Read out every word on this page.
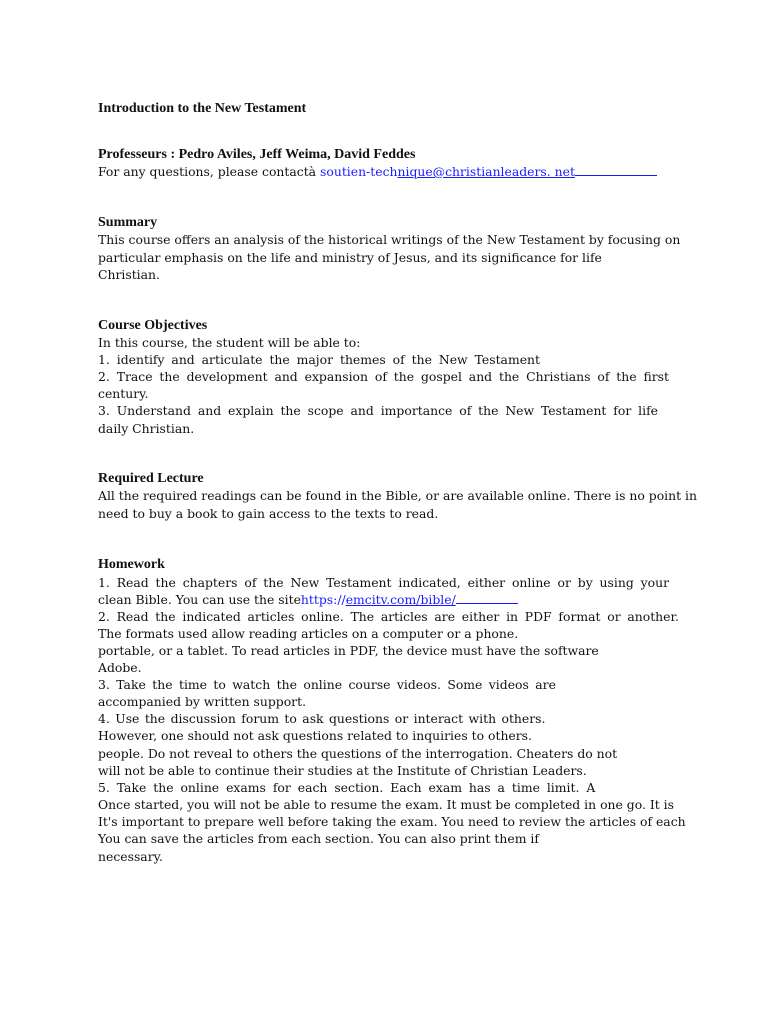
Introduction to the New Testament
Professeurs : Pedro Aviles, Jeff Weima, David Feddes
For any questions, please contactà soutien-technique@christianleaders. net
Summary
This course offers an analysis of the historical writings of the New Testament by focusing on
particular emphasis on the life and ministry of Jesus, and its significance for life
Christian.
Course Objectives
In this course, the student will be able to:
1. identify and articulate the major themes of the New Testament
2. Trace the development and expansion of the gospel and the Christians of the first
century.
3. Understand and explain the scope and importance of the New Testament for life
daily Christian.
Required Lecture
All the required readings can be found in the Bible, or are available online. There is no point in
need to buy a book to gain access to the texts to read.
Homework
1. Read the chapters of the New Testament indicated, either online or by using your
clean Bible. You can use the sitehttps://emcitv.com/bible/
2. Read the indicated articles online. The articles are either in PDF format or another.
The formats used allow reading articles on a computer or a phone.
portable, or a tablet. To read articles in PDF, the device must have the software
Adobe.
3. Take the time to watch the online course videos. Some videos are
accompanied by written support.
4. Use the discussion forum to ask questions or interact with others.
However, one should not ask questions related to inquiries to others.
people. Do not reveal to others the questions of the interrogation. Cheaters do not
will not be able to continue their studies at the Institute of Christian Leaders.
5. Take the online exams for each section. Each exam has a time limit. A
Once started, you will not be able to resume the exam. It must be completed in one go. It is
It's important to prepare well before taking the exam. You need to review the articles of each
You can save the articles from each section. You can also print them if
necessary.
